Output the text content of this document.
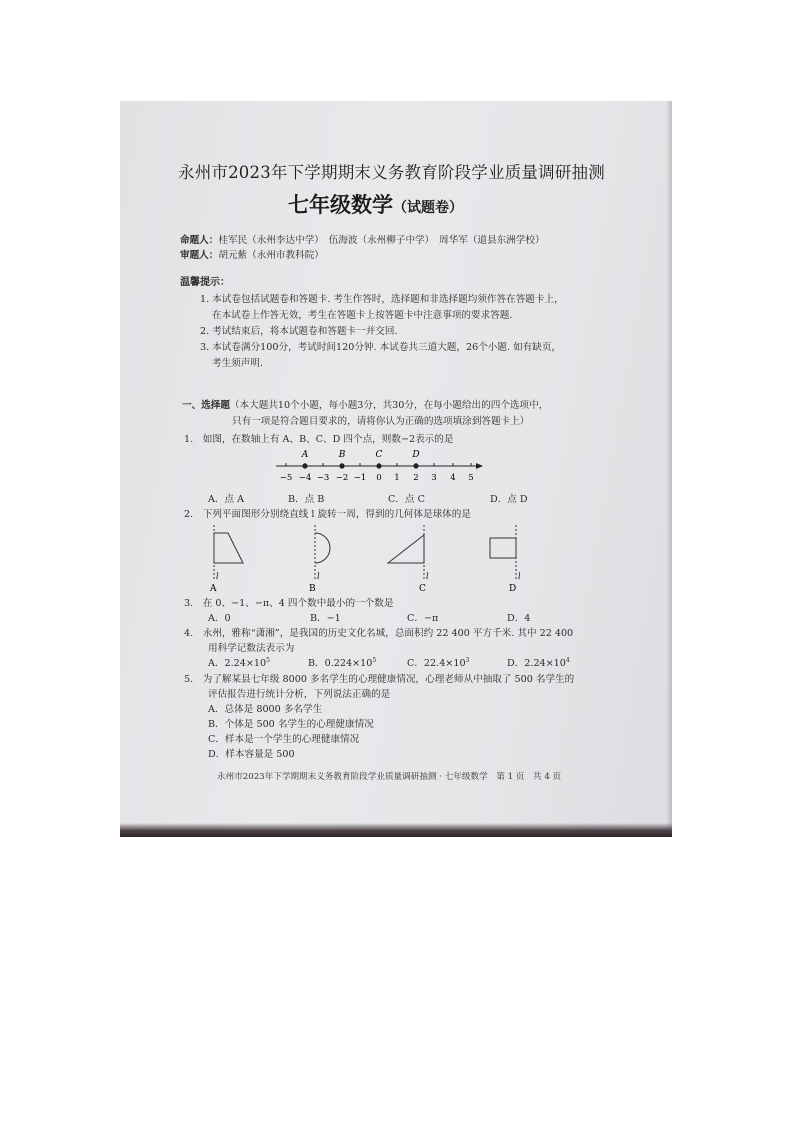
永州市2023年下学期期末义务教育阶段学业质量调研抽测
七年级数学（试题卷）
命题人：桂军民（永州李达中学）　伍海波（永州柳子中学）　周华军（道县东洲学校）
审题人：胡元紫（永州市教科院）
温馨提示：
1. 本试卷包括试题卷和答题卡. 考生作答时，选择题和非选择题均须作答在答题卡上，
在本试卷上作答无效，考生在答题卡上按答题卡中注意事项的要求答题.
2. 考试结束后，将本试题卷和答题卡一并交回.
3. 本试卷满分100分，考试时间120分钟. 本试卷共三道大题，26个小题. 如有缺页，
考生须声明.
一、选择题（本大题共10个小题，每小题3分，共30分，在每小题给出的四个选项中，
只有一项是符合题目要求的，请将你认为正确的选项填涂到答题卡上）
1.　如图，在数轴上有 A、B、C、D 四个点，则数−2表示的是
A	B	C	D
−5 −4 −3 −2 −1 0 1 2 3 4 5
A．点 A	B．点 B	C．点 C	D．点 D
2.　下列平面图形分别绕直线 l 旋转一周，得到的几何体是球体的是
l
A
l
B
l
C
l
D
3.　在 0、−1、−π、4 四个数中最小的一个数是
A．0	B．−1	C．−π	D．4
4.　永州，雅称“潇湘”，是我国的历史文化名城，总面积约 22 400 平方千米. 其中 22 400
用科学记数法表示为
A．$2.24\times 10^5$	B．$0.224\times 10^5$	C．$22.4\times 10^3$	D．$2.24\times 10^4$
5.　为了解某县七年级 8000 多名学生的心理健康情况，心理老师从中抽取了 500 名学生的
评估报告进行统计分析，下列说法正确的是
A．总体是 8000 多名学生
B．个体是 500 名学生的心理健康情况
C．样本是一个学生的心理健康情况
D．样本容量是 500
永州市2023年下学期期末义务教育阶段学业质量调研抽测 · 七年级数学　第 1 页　共 4 页
